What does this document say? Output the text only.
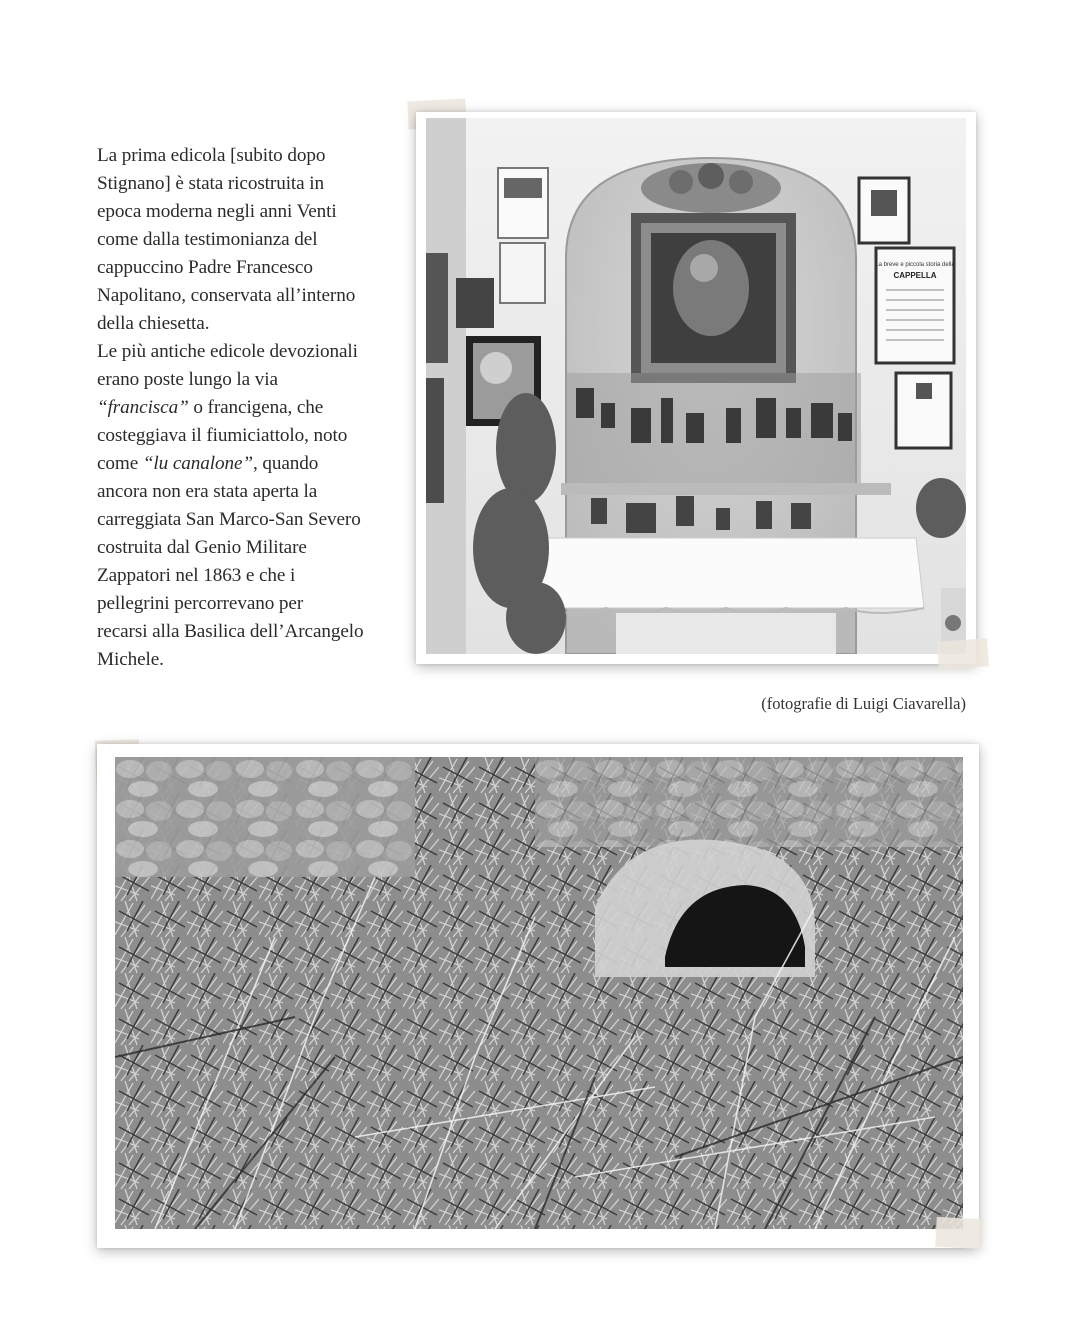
La prima edicola [subito dopo
Stignano] è stata ricostruita in
epoca moderna negli anni Venti
come dalla testimonianza del
cappuccino Padre Francesco
Napolitano, conservata all’interno
della chiesetta.
Le più antiche edicole devozionali
erano poste lungo la via
“francisca” o francigena, che
costeggiava il fiumiciattolo, noto
come “lu canalone”, quando
ancora non era stata aperta la
carreggiata San Marco-San Severo
costruita dal Genio Militare
Zappatori nel 1863 e che i
pellegrini percorrevano per
recarsi alla Basilica dell’Arcangelo
Michele.
La breve e piccola storia della
CAPPELLA
(fotografie di Luigi Ciavarella)
